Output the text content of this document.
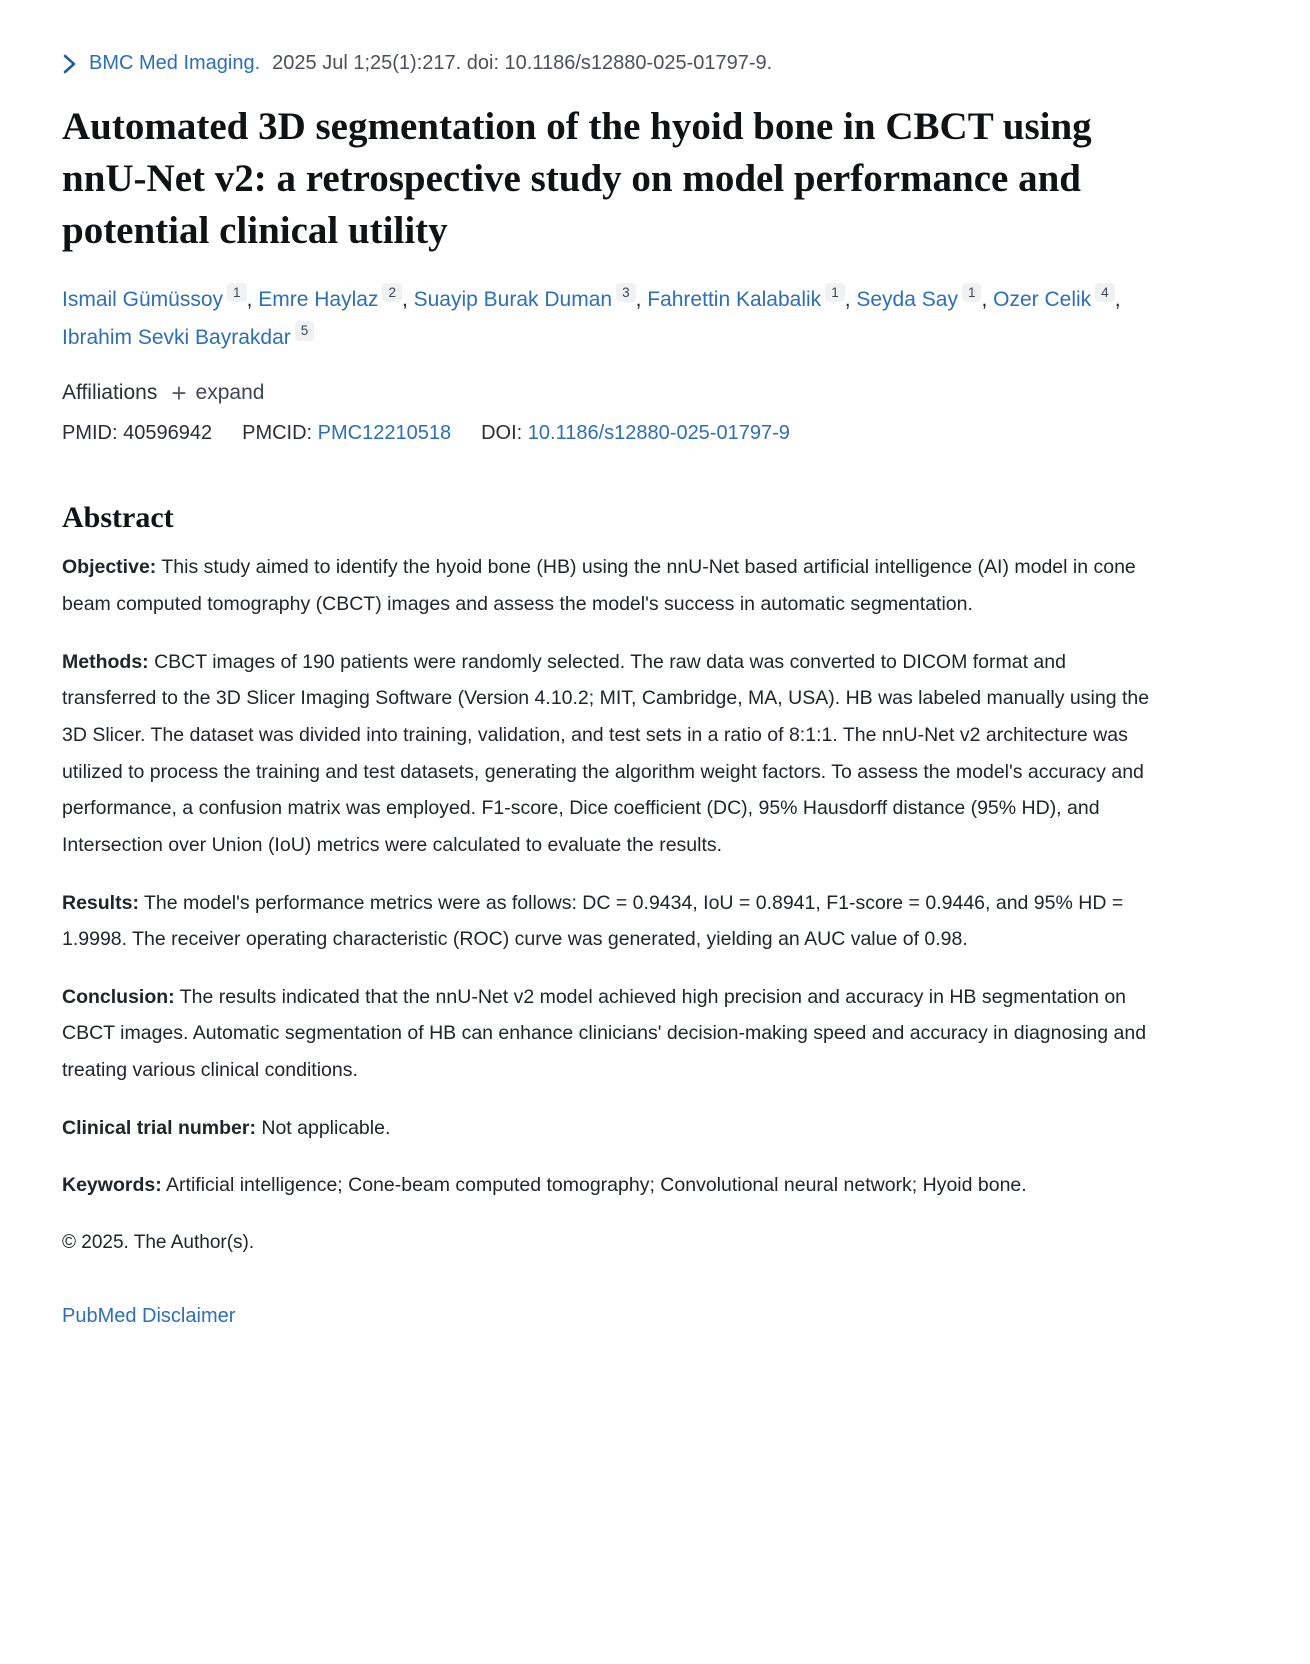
BMC Med Imaging. 2025 Jul 1;25(1):217. doi: 10.1186/s12880-025-01797-9.
Automated 3D segmentation of the hyoid bone in CBCT using nnU-Net v2: a retrospective study on model performance and potential clinical utility
Ismail Gümüssoy 1 , Emre Haylaz 2 , Suayip Burak Duman 3 , Fahrettin Kalabalik 1 , Seyda Say 1 , Ozer Celik 4 , Ibrahim Sevki Bayrakdar 5
Affiliations + expand
PMID: 40596942 PMCID: PMC12210518 DOI: 10.1186/s12880-025-01797-9
Abstract

Objective: This study aimed to identify the hyoid bone (HB) using the nnU-Net based artificial intelligence (AI) model in cone beam computed tomography (CBCT) images and assess the model's success in automatic segmentation.

Methods: CBCT images of 190 patients were randomly selected. The raw data was converted to DICOM format and transferred to the 3D Slicer Imaging Software (Version 4.10.2; MIT, Cambridge, MA, USA). HB was labeled manually using the 3D Slicer. The dataset was divided into training, validation, and test sets in a ratio of 8:1:1. The nnU-Net v2 architecture was utilized to process the training and test datasets, generating the algorithm weight factors. To assess the model's accuracy and performance, a confusion matrix was employed. F1-score, Dice coefficient (DC), 95% Hausdorff distance (95% HD), and Intersection over Union (IoU) metrics were calculated to evaluate the results.

Results: The model's performance metrics were as follows: DC = 0.9434, IoU = 0.8941, F1-score = 0.9446, and 95% HD = 1.9998. The receiver operating characteristic (ROC) curve was generated, yielding an AUC value of 0.98.

Conclusion: The results indicated that the nnU-Net v2 model achieved high precision and accuracy in HB segmentation on CBCT images. Automatic segmentation of HB can enhance clinicians' decision-making speed and accuracy in diagnosing and treating various clinical conditions.

Clinical trial number: Not applicable.

Keywords: Artificial intelligence; Cone-beam computed tomography; Convolutional neural network; Hyoid bone.

© 2025. The Author(s).

PubMed Disclaimer
